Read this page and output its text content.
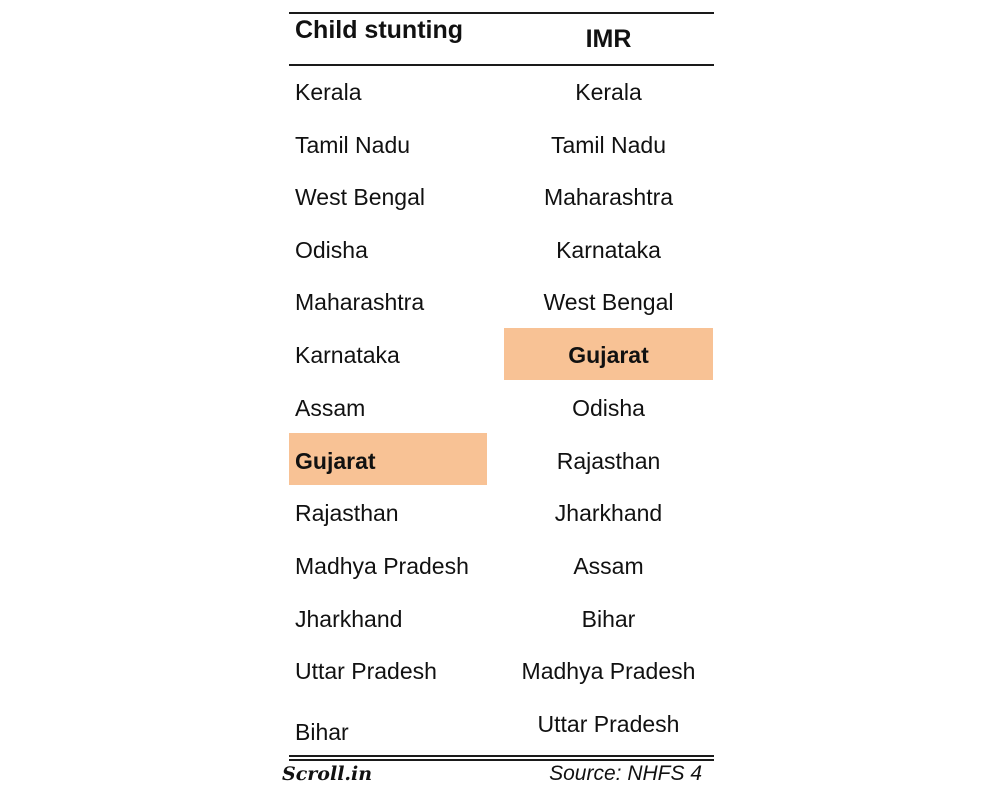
Child stunting
Kerala
Tamil Nadu
West Bengal
Odisha
Maharashtra
Karnataka
Assam
Gujarat
Rajasthan
Madhya Pradesh
Jharkhand
Uttar Pradesh
Bihar
IMR
Kerala
Tamil Nadu
Maharashtra
Karnataka
West Bengal
Gujarat
Odisha
Rajasthan
Jharkhand
Assam
Bihar
Madhya Pradesh
Uttar Pradesh
Scroll.in	Source: NHFS 4
